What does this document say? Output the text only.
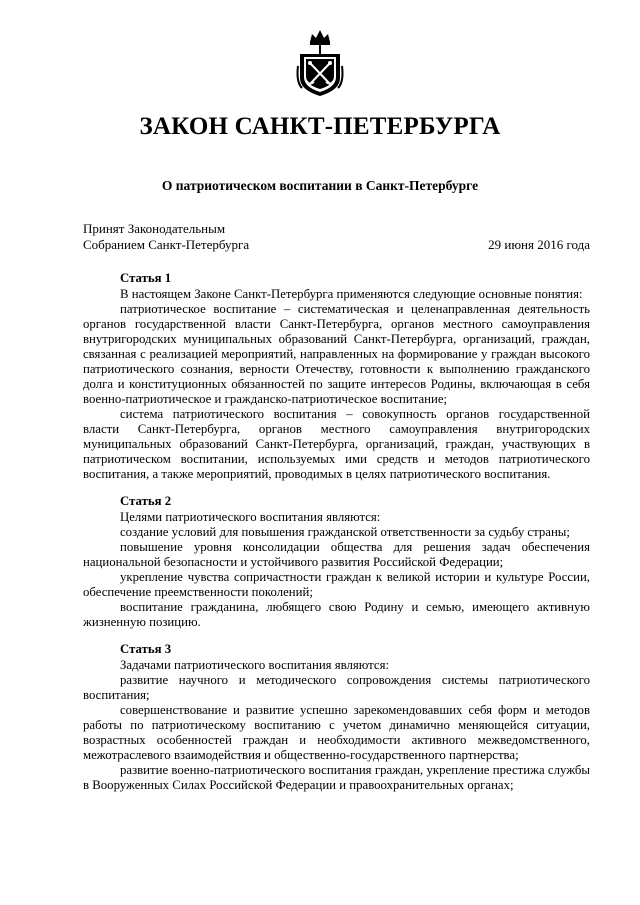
ЗАКОН САНКТ-ПЕТЕРБУРГА
О патриотическом воспитании в Санкт-Петербурге
Принят Законодательным
Собранием Санкт-Петербурга	29 июня 2016 года
Статья 1

В настоящем Законе Санкт-Петербурга применяются следующие основные понятия:

патриотическое воспитание – систематическая и целенаправленная деятельность органов государственной власти Санкт-Петербурга, органов местного самоуправления внутригородских муниципальных образований Санкт-Петербурга, организаций, граждан, связанная с реализацией мероприятий, направленных на формирование у граждан высокого патриотического сознания, верности Отечеству, готовности к выполнению гражданского долга и конституционных обязанностей по защите интересов Родины, включающая в себя военно-патриотическое и гражданско-патриотическое воспитание;

система патриотического воспитания – совокупность органов государственной власти Санкт-Петербурга, органов местного самоуправления внутригородских муниципальных образований Санкт-Петербурга, организаций, граждан, участвующих в патриотическом воспитании, используемых ими средств и методов патриотического воспитания, а также мероприятий, проводимых в целях патриотического воспитания.

Статья 2

Целями патриотического воспитания являются:

создание условий для повышения гражданской ответственности за судьбу страны;

повышение уровня консолидации общества для решения задач обеспечения национальной безопасности и устойчивого развития Российской Федерации;

укрепление чувства сопричастности граждан к великой истории и культуре России, обеспечение преемственности поколений;

воспитание гражданина, любящего свою Родину и семью, имеющего активную жизненную позицию.

Статья 3

Задачами патриотического воспитания являются:

развитие научного и методического сопровождения системы патриотического воспитания;

совершенствование и развитие успешно зарекомендовавших себя форм и методов работы по патриотическому воспитанию с учетом динамично меняющейся ситуации, возрастных особенностей граждан и необходимости активного межведомственного, межотраслевого взаимодействия и общественно-государственного партнерства;

развитие военно-патриотического воспитания граждан, укрепление престижа службы в Вооруженных Силах Российской Федерации и правоохранительных органах;
